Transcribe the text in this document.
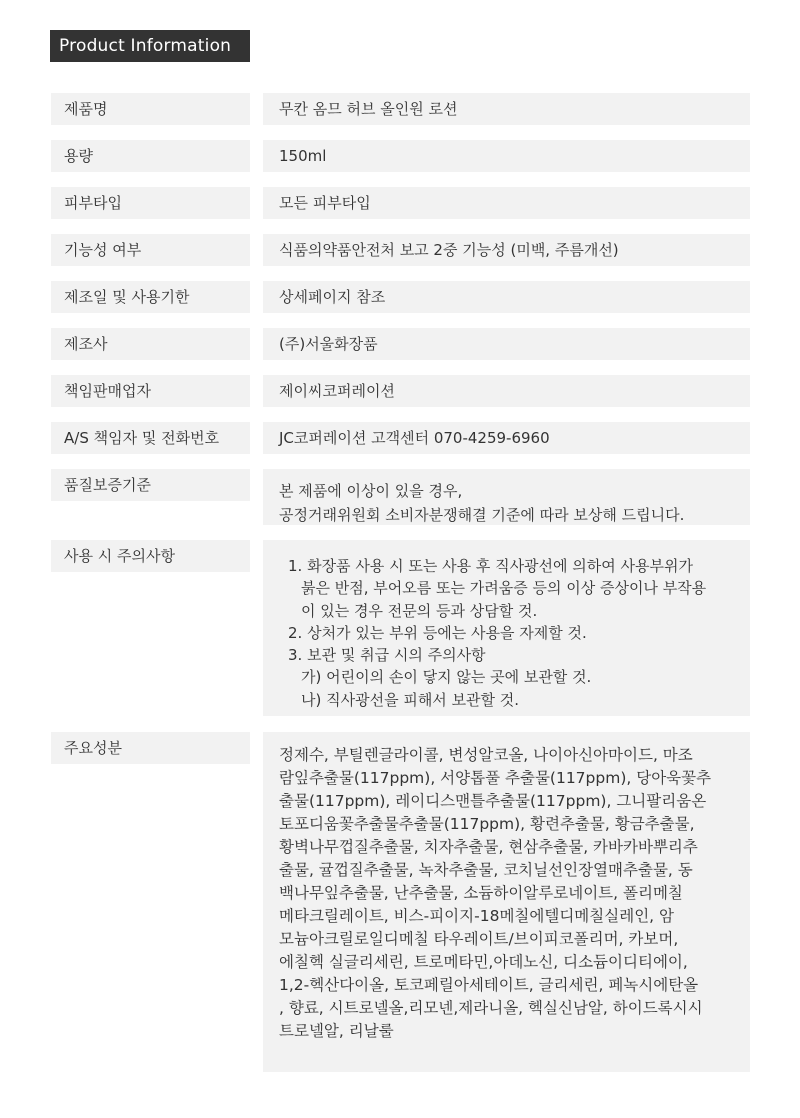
Product Information
제품명	무칸 옴므 허브 올인원 로션
용량	150ml
피부타입	모든 피부타입
기능성 여부	식품의약품안전처 보고 2중 기능성 (미백, 주름개선)
제조일 및 사용기한	상세페이지 참조
제조사	(주)서울화장품
책임판매업자	제이씨코퍼레이션
A/S 책임자 및 전화번호	JC코퍼레이션 고객센터 070-4259-6960
품질보증기준	본 제품에 이상이 있을 경우,
공정거래위원회 소비자분쟁해결 기준에 따라 보상해 드립니다.
사용 시 주의사항
1. 화장품 사용 시 또는 사용 후 직사광선에 의하여 사용부위가
붉은 반점, 부어오름 또는 가려움증 등의 이상 증상이나 부작용
이 있는 경우 전문의 등과 상담할 것.
2. 상처가 있는 부위 등에는 사용을 자제할 것.
3. 보관 및 취급 시의 주의사항
가) 어린이의 손이 닿지 않는 곳에 보관할 것.
나) 직사광선을 피해서 보관할 것.
주요성분	정제수, 부틸렌글라이콜, 변성알코올, 나이아신아마이드, 마조
람잎추출물(117ppm), 서양톱풀 추출물(117ppm), 당아욱꽃추
출물(117ppm), 레이디스맨틀추출물(117ppm), 그니팔리움온
토포디움꽃추출물추출물(117ppm), 황련추출물, 황금추출물,
황벽나무껍질추출물, 치자추출물, 현삼추출물, 카바카바뿌리추
출물, 귤껍질추출물, 녹차추출물, 코치닐선인장열매추출물, 동
백나무잎추출물, 난추출물, 소듐하이알루로네이트, 폴리메칠
메타크릴레이트, 비스-피이지-18메칠에텔디메칠실레인, 암
모늄아크릴로일디메칠 타우레이트/브이피코폴리머, 카보머,
에칠헥 실글리세린, 트로메타민,아데노신, 디소듐이디티에이,
1,2-헥산다이올, 토코페릴아세테이트, 글리세린, 페녹시에탄올
, 향료, 시트로넬올,리모넨,제라니올, 헥실신남알, 하이드록시시
트로넬알, 리날룰
